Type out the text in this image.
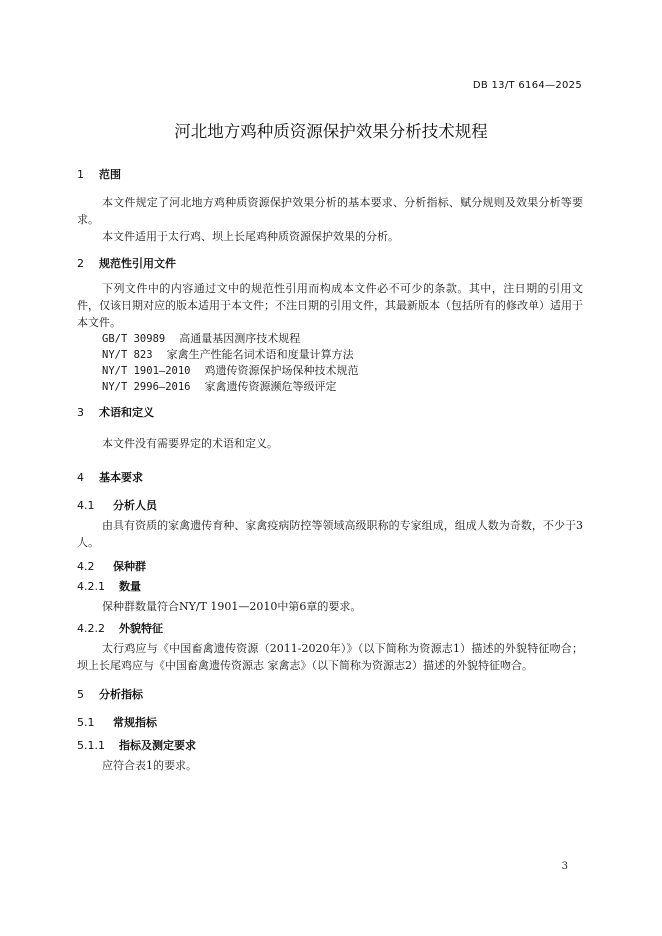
DB 13/T 6164—2025
河北地方鸡种质资源保护效果分析技术规程
1 范围
本文件规定了河北地方鸡种质资源保护效果分析的基本要求、分析指标、赋分规则及效果分析等要求。
本文件适用于太行鸡、坝上长尾鸡种质资源保护效果的分析。
2 规范性引用文件
下列文件中的内容通过文中的规范性引用而构成本文件必不可少的条款。其中，注日期的引用文件，仅该日期对应的版本适用于本文件；不注日期的引用文件，其最新版本（包括所有的修改单）适用于本文件。
GB/T 30989 高通量基因测序技术规程
NY/T 823 家禽生产性能名词术语和度量计算方法
NY/T 1901—2010 鸡遗传资源保护场保种技术规范
NY/T 2996—2016 家禽遗传资源濒危等级评定
3 术语和定义
本文件没有需要界定的术语和定义。
4 基本要求
4.1 分析人员
由具有资质的家禽遗传育种、家禽疫病防控等领域高级职称的专家组成，组成人数为奇数，不少于3人。
4.2 保种群
4.2.1 数量
保种群数量符合NY/T 1901—2010中第6章的要求。
4.2.2 外貌特征
太行鸡应与《中国畜禽遗传资源（2011-2020年）》（以下简称为资源志1）描述的外貌特征吻合；坝上长尾鸡应与《中国畜禽遗传资源志 家禽志》（以下简称为资源志2）描述的外貌特征吻合。
5 分析指标
5.1 常规指标
5.1.1 指标及测定要求
应符合表1的要求。
3
